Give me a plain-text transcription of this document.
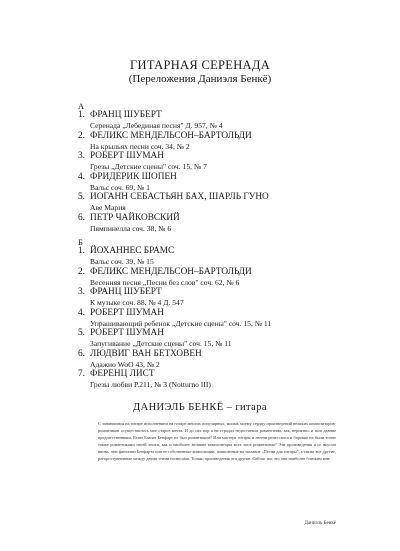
ГИТАРНАЯ СЕРЕНАДА
(Переложения Даниэля Бенкё)
А
1. ФРАНЦ ШУБЕРТ
Серенада „Лебединая песня" Д. 957, № 4
2. ФЕЛИКС МЕНДЕЛЬСОН–БАРТОЛЬДИ
На крыльях песни соч. 34, № 2
3. РОБЕРТ ШУМАН
Грезы „Детские сцены" соч. 15, № 7
4. ФРИДЕРИК ШОПЕН
Вальс соч. 69, № 1
5. ИОГАНН СЕБАСТЬЯН БАХ, ШАРЛЬ ГУНО
Аве Мария
6. ПЕТР ЧАЙКОВСКИЙ
Пямпинелла соч. 38, № 6
Б
1. ЙОХАННЕС БРАМС
Вальс соч. 39, № 15
2. ФЕЛИКС МЕНДЕЛЬСОН–БАРТОЛЬДИ
Весенняя песня „Песни без слов" соч. 62, № 6
3. ФРАНЦ ШУБЕРТ
К музыке соч. 88, № 4 Д. 547
4. РОБЕРТ ШУМАН
Упрашивающий ребенок „Детские сцены" соч. 15, № 11
5. РОБЕРТ ШУМАН
Запугивание „Детские сцены" соч. 15, № 11
6. ЛЮДВИГ ВАН БЕТХОВЕН
Адажио WoO 43, № 2
7. ФЕРЕНЦ ЛИСТ
Грезы любви Р.211, № 3 (Notturno III)
ДАНИЭЛЬ БЕНКЁ – гитара

С занявшимся на гитаре исполнением на гитаре многих популярных, милых моему сердцу произведений великих композиторов-романтиков осуществилось мое старое мечта. И до сих пор я не страдал недостатком романтизма, как, вероятно, и мои давние предшественники. Разве Базиат Бенфарт не был романтиком? Или мастера гитары и лютни ренессанса и барокко не были точно также романтиками своей эпохи, как и наиболее великие композиторы всех эпох романтизма? Эти произведения я со вкусом вновь, чем фантазии Бенфарта или ее собственные композиции, написанные на заглавие „Песни для гитары", а также все другие, распространенные между двумя этими полюсами. Только произведения эти другие. Сейчас нас это они наиболее близким мне.

Даниэль Бенкё
